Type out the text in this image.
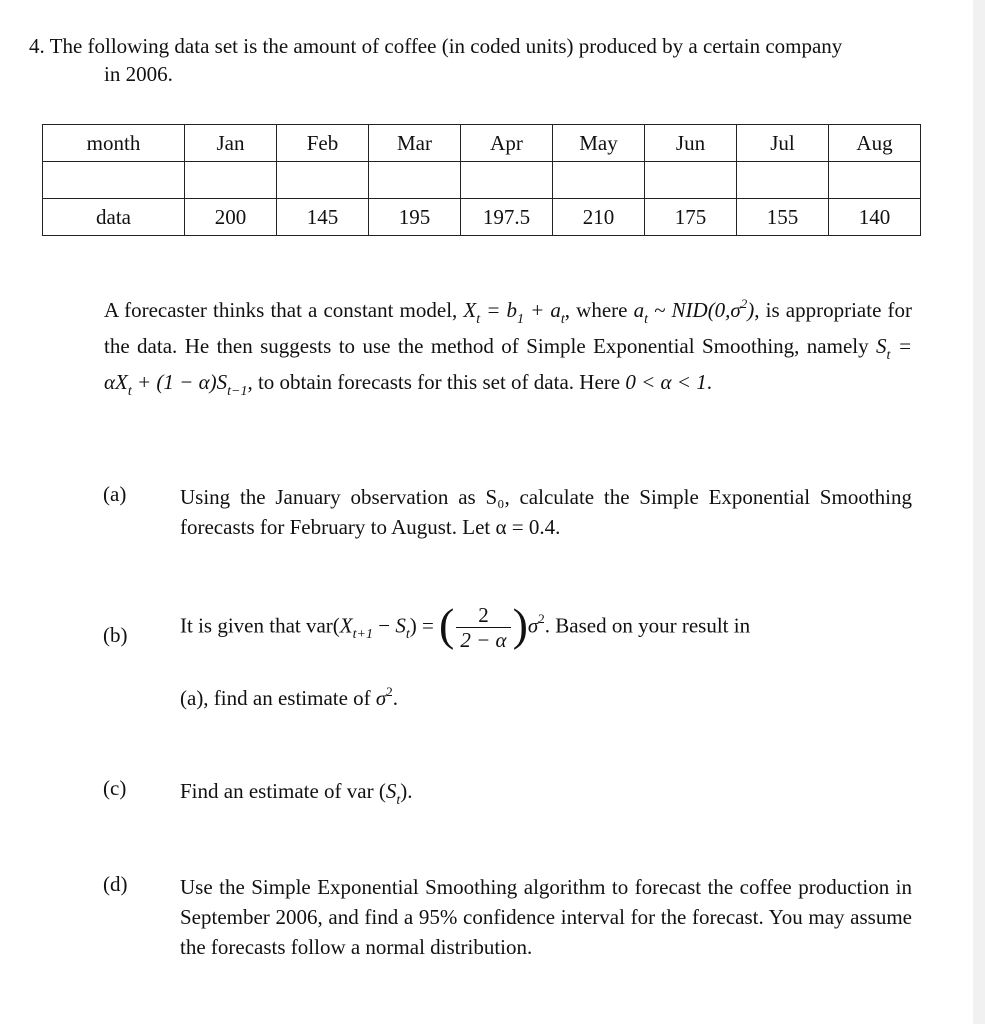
4. The following data set is the amount of coffee (in coded units) produced by a certain company
in 2006.
month	Jan	Feb	Mar	Apr	May	Jun	Jul	Aug

data	200	145	195	197.5	210	175	155	140
A forecaster thinks that a constant model, $X_t = b_1 + a_t$, where $a_t$ ~ $NID(0,\sigma^2)$, is appropriate for the data. He then suggests to use the method of Simple Exponential Smoothing, namely $S_t = \alpha X_t + (1 - \alpha)S_{t-1}$, to obtain forecasts for this set of data. Here 0 < α < 1.
(a)	Using the January observation as S₀, calculate the Simple Exponential Smoothing forecasts for February to August. Let α = 0.4.
(b)	It is given that $var(X_{t+1} - S_t)$ = ( $\frac{2}{2 - \alpha} )\sigma^2$. Based on your result in
(a), find an estimate of $\sigma^2$.
(c)	Find an estimate of var $(S_t)$.
(d)	Use the Simple Exponential Smoothing algorithm to forecast the coffee production in September 2006, and find a 95% confidence interval for the forecast. You may assume the forecasts follow a normal distribution.
